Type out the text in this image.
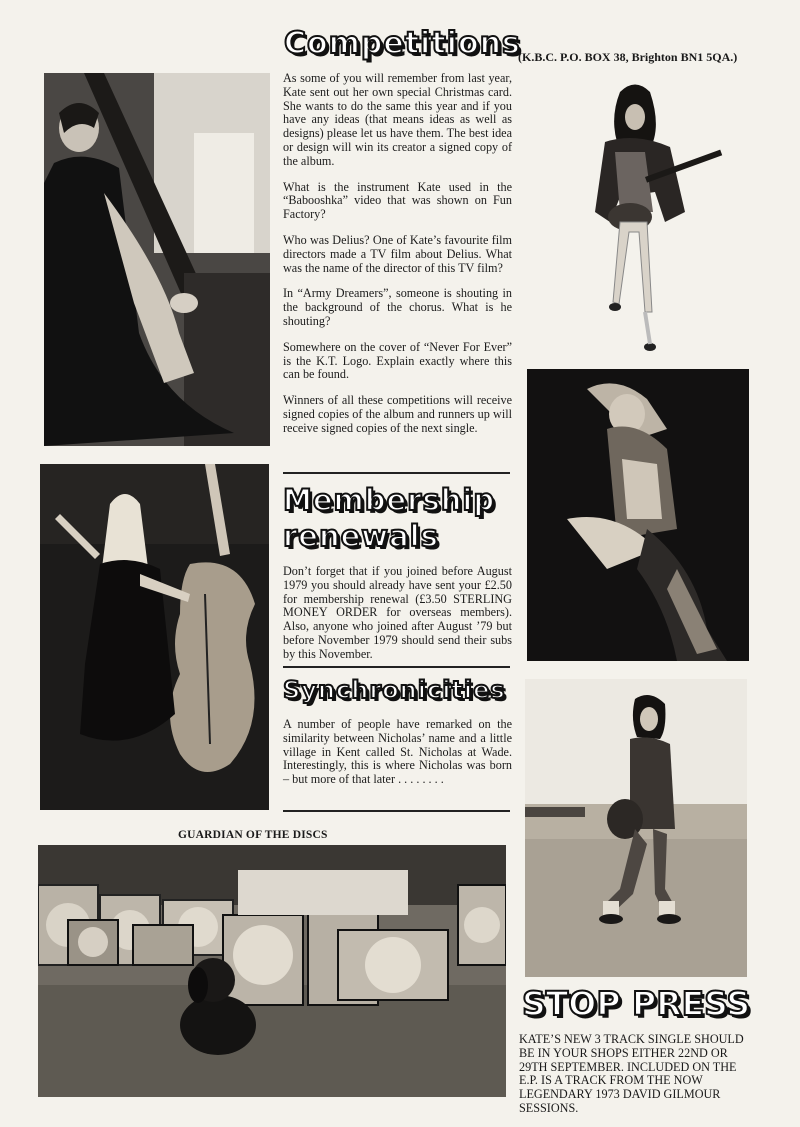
Competitions
(K.B.C. P.O. BOX 38, Brighton BN1 5QA.)

As some of you will remember from last year, Kate sent out her own special Christmas card. She wants to do the same this year and if you have any ideas (that means ideas as well as designs) please let us have them. The best idea or design will win its creator a signed copy of the album.

What is the instrument Kate used in the “Babooshka” video that was shown on Fun Factory?

Who was Delius? One of Kate’s favourite film directors made a TV film about Delius. What was the name of the director of this TV film?

In “Army Dreamers”, someone is shouting in the background of the chorus. What is he shouting?

Somewhere on the cover of “Never For Ever” is the K.T. Logo. Explain exactly where this can be found.

Winners of all these competitions will receive signed copies of the album and runners up will receive signed copies of the next single.

Membership
renewals
Don’t forget that if you joined before August 1979 you should already have sent your £2.50 for membership renewal (£3.50 STERLING MONEY ORDER for overseas members). Also, anyone who joined after August ’79 but before November 1979 should send their subs by this November.
Synchronicities
A number of people have remarked on the similarity between Nicholas’ name and a little village in Kent called St. Nicholas at Wade. Interestingly, this is where Nicholas was born – but more of that later . . . . . . . .
GUARDIAN OF THE DISCS
STOP PRESS
KATE’S NEW 3 TRACK SINGLE SHOULD BE IN YOUR SHOPS EITHER 22ND OR 29TH SEPTEMBER. INCLUDED ON THE E.P. IS A TRACK FROM THE NOW LEGENDARY 1973 DAVID GILMOUR SESSIONS.
